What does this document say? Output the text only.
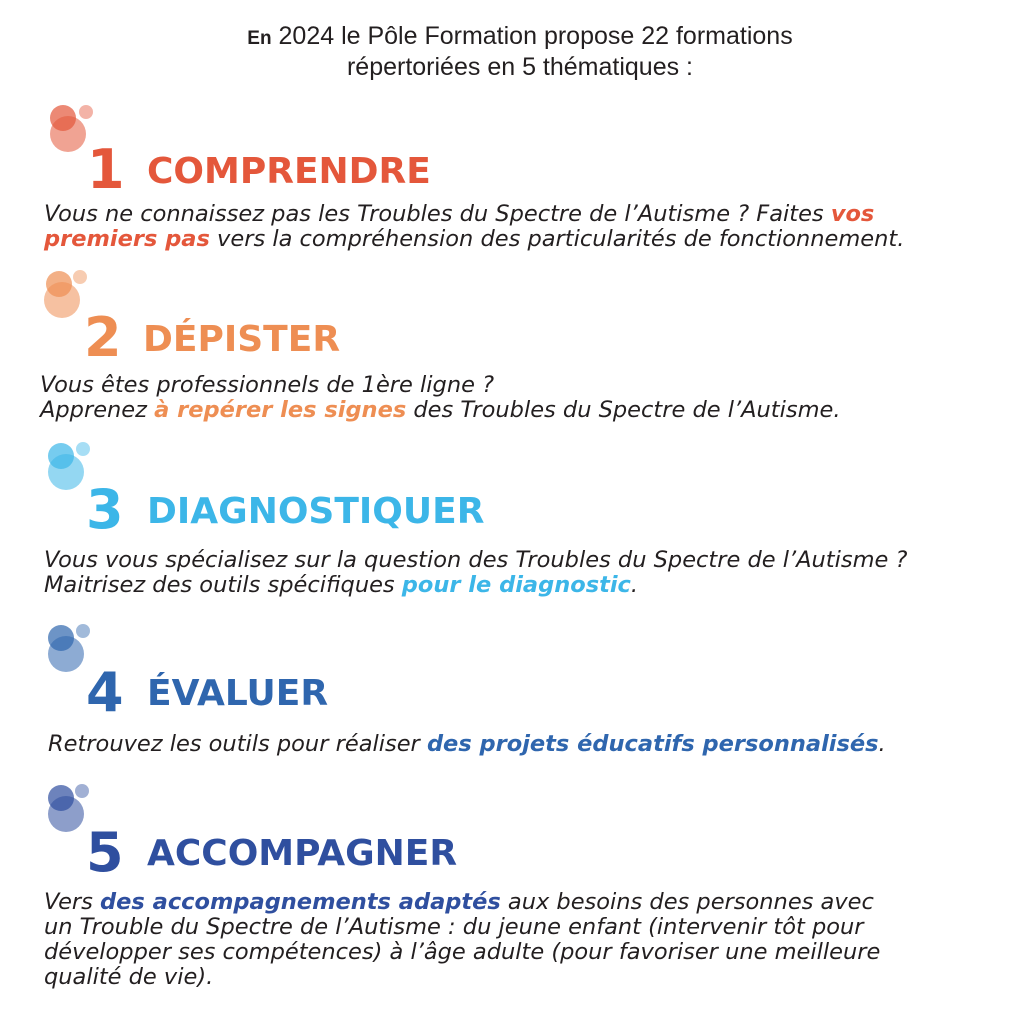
En 2024 le Pôle Formation propose 22 formations
répertoriées en 5 thématiques :
1 COMPRENDRE
Vous ne connaissez pas les Troubles du Spectre de l’Autisme ? Faites vos
premiers pas vers la compréhension des particularités de fonctionnement.
2 DÉPISTER
Vous êtes professionnels de 1ère ligne ?
Apprenez à repérer les signes des Troubles du Spectre de l’Autisme.
3 DIAGNOSTIQUER
Vous vous spécialisez sur la question des Troubles du Spectre de l’Autisme ?
Maitrisez des outils spécifiques pour le diagnostic.
4 ÉVALUER
Retrouvez les outils pour réaliser des projets éducatifs personnalisés.
5 ACCOMPAGNER
Vers des accompagnements adaptés aux besoins des personnes avec
un Trouble du Spectre de l’Autisme : du jeune enfant (intervenir tôt pour
développer ses compétences) à l’âge adulte (pour favoriser une meilleure
qualité de vie).
